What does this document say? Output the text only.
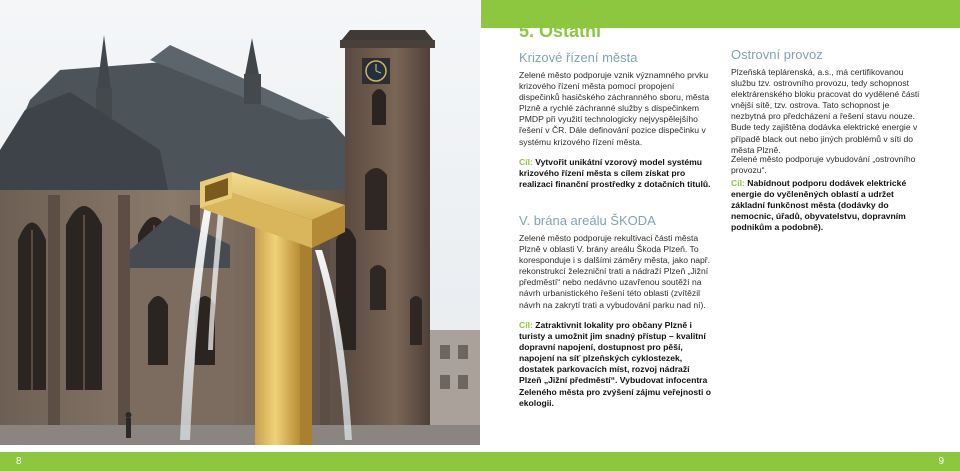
8	9
5. Ostatní
Krizové řízení města

Zelené město podporuje vznik významného prvku krizového řízení města pomocí propojení dispečinků hasičského záchranného sboru, města Plzně a rychlé záchranné služby s dispečinkem PMDP při využití technologicky nejvyspělejšího řešení v ČR. Dále definování pozice dispečinku v systému krizového řízení města.

Cíl: Vytvořit unikátní vzorový model systému krizového řízení města s cílem získat pro realizaci finanční prostředky z dotačních titulů.

V. brána areálu ŠKODA

Zelené město podporuje rekultivaci části města Plzně v oblasti V. brány areálu Škoda Plzeň. To koresponduje i s dalšími záměry města, jako např. rekonstrukcí železniční trati a nádraží Plzeň „Jižní předměstí“ nebo nedávno uzavřenou soutěží na návrh urbanistického řešení této oblasti (zvítězil návrh na zakrytí trati a vybudování parku nad ní).

Cíl: Zatraktivnit lokality pro občany Plzně i turisty a umožnit jim snadný přístup – kvalitní dopravní napojení, dostupnost pro pěší, napojení na síť plzeňských cyklostezek, dostatek parkovacích míst, rozvoj nádraží Plzeň „Jižní předměstí“. Vybudovat infocentra Zeleného města pro zvýšení zájmu veřejnosti o ekologii.

Ostrovní provoz

Plzeňská teplárenská, a.s., má certifikovanou službu tzv. ostrovního provozu, tedy schopnost elektrárenského bloku pracovat do vydělené části vnější sítě, tzv. ostrova. Tato schopnost je nezbytná pro předcházení a řešení stavu nouze. Bude tedy zajištěna dodávka elektrické energie v případě black out nebo jiných problémů v síti do města Plzně.

Zelené město podporuje vybudování „ostrovního provozu“.

Cíl: Nabídnout podporu dodávek elektrické energie do vyčleněných oblastí a udržet základní funkčnost města (dodávky do nemocnic, úřadů, obyvatelstvu, dopravním podnikům a podobně).
